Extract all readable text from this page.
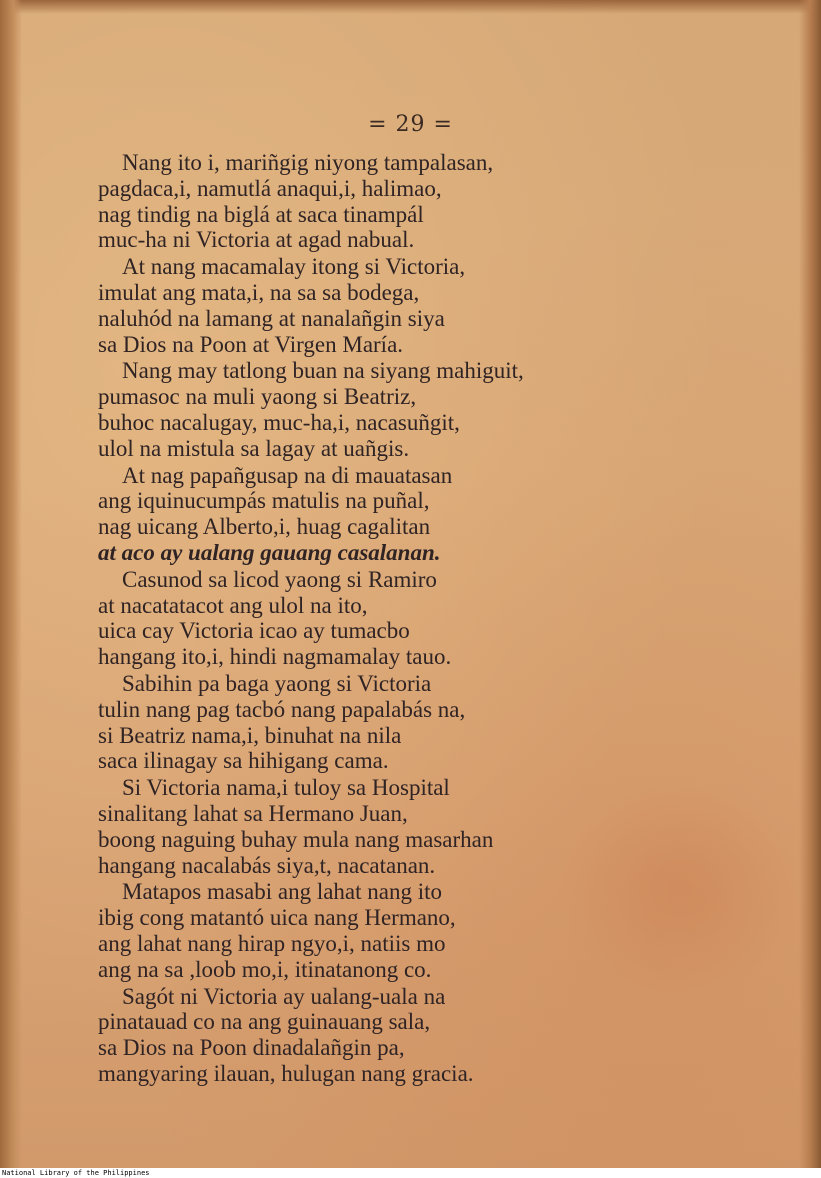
= 29 =
Nang ito i, mariñgig niyong tampalasan,
pagdaca,i, namutlá anaqui,i, halimao,
nag tindig na biglá at saca tinampál
muc-ha ni Victoria at agad nabual.
At nang macamalay itong si Victoria,
imulat ang mata,i, na sa sa bodega,
naluhód na lamang at nanalañgin siya
sa Dios na Poon at Virgen María.
Nang may tatlong buan na siyang mahiguit,
pumasoc na muli yaong si Beatriz,
buhoc nacalugay, muc-ha,i, nacasuñgit,
ulol na mistula sa lagay at uañgis.
At nag papañgusap na di mauatasan
ang iquinucumpás matulis na puñal,
nag uicang Alberto,i, huag cagalitan
at aco ay ualang gauang casalanan.
Casunod sa licod yaong si Ramiro
at nacatatacot ang ulol na ito,
uica cay Victoria icao ay tumacbo
hangang ito,i, hindi nagmamalay tauo.
Sabihin pa baga yaong si Victoria
tulin nang pag tacbó nang papalabás na,
si Beatriz nama,i, binuhat na nila
saca ilinagay sa hihigang cama.
Si Victoria nama,i tuloy sa Hospital
sinalitang lahat sa Hermano Juan,
boong naguing buhay mula nang masarhan
hangang nacalabás siya,t, nacatanan.
Matapos masabi ang lahat nang ito
ibig cong matantó uica nang Hermano,
ang lahat nang hirap ngyo,i, natiis mo
ang na sa ,loob mo,i, itinatanong co.
Sagót ni Victoria ay ualang-uala na
pinatauad co na ang guinauang sala,
sa Dios na Poon dinadalañgin pa,
mangyaring ilauan, hulugan nang gracia.
National Library of the Philippines
